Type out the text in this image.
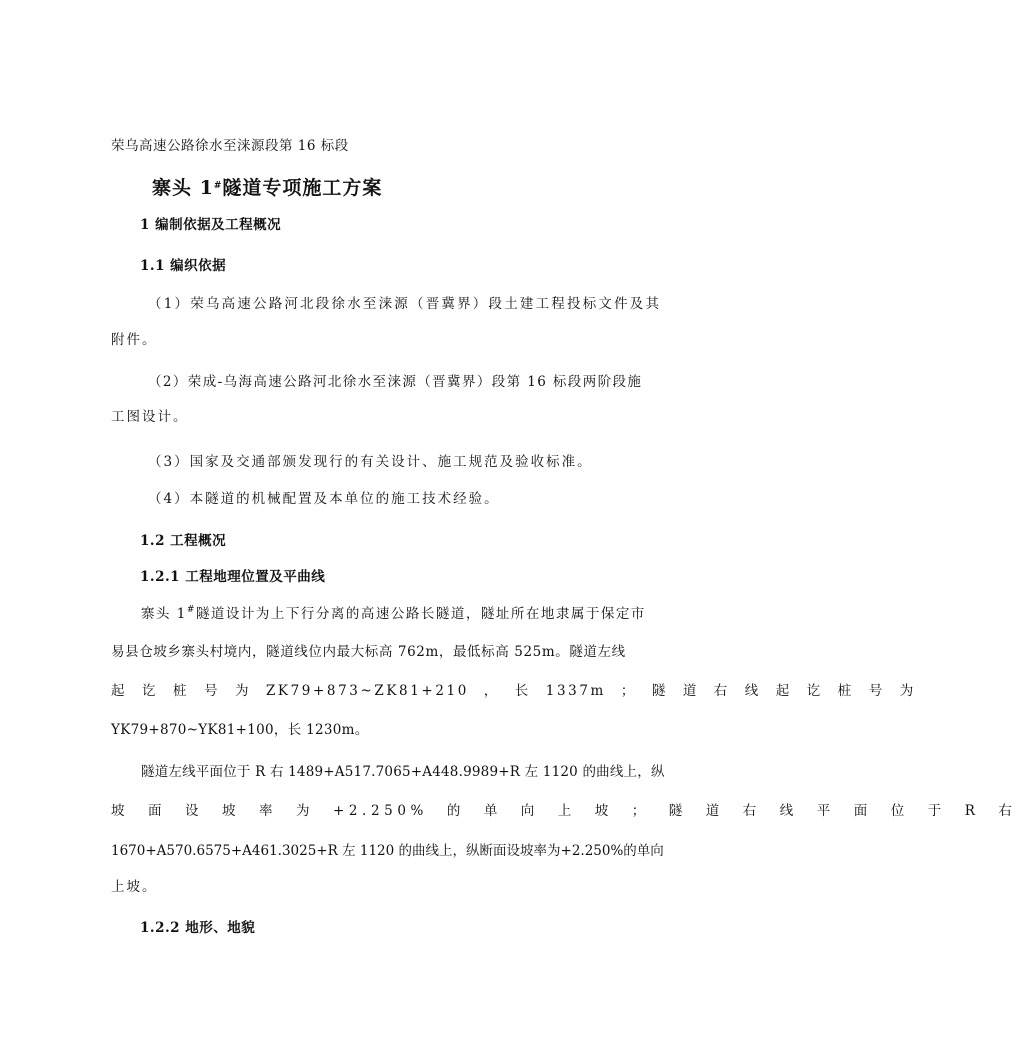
荣乌高速公路徐水至涞源段第 16 标段
寨头 1#隧道专项施工方案
1 编制依据及工程概况
1.1 编织依据
（1）荣乌高速公路河北段徐水至涞源（晋冀界）段土建工程投标文件及其
附件。
（2）荣成-乌海高速公路河北徐水至涞源（晋冀界）段第 16 标段两阶段施
工图设计。
（3）国家及交通部颁发现行的有关设计、施工规范及验收标准。
（4）本隧道的机械配置及本单位的施工技术经验。
1.2 工程概况
1.2.1 工程地理位置及平曲线
寨头 1#隧道设计为上下行分离的高速公路长隧道，隧址所在地隶属于保定市
易县仓坡乡寨头村境内，隧道线位内最大标高 762m，最低标高 525m。隧道左线
起 讫 桩 号 为 ZK79+873~ZK81+210 ， 长 1337m ； 隧 道 右 线 起 讫 桩 号 为
YK79+870~YK81+100，长 1230m。
隧道左线平面位于 R 右 1489+A517.7065+A448.9989+R 左 1120 的曲线上，纵
坡 面 设 坡 率 为 +2.250% 的 单 向 上 坡 ； 隧 道 右 线 平 面 位 于 R 右
1670+A570.6575+A461.3025+R 左 1120 的曲线上，纵断面设坡率为+2.250%的单向
上坡。
1.2.2 地形、地貌
